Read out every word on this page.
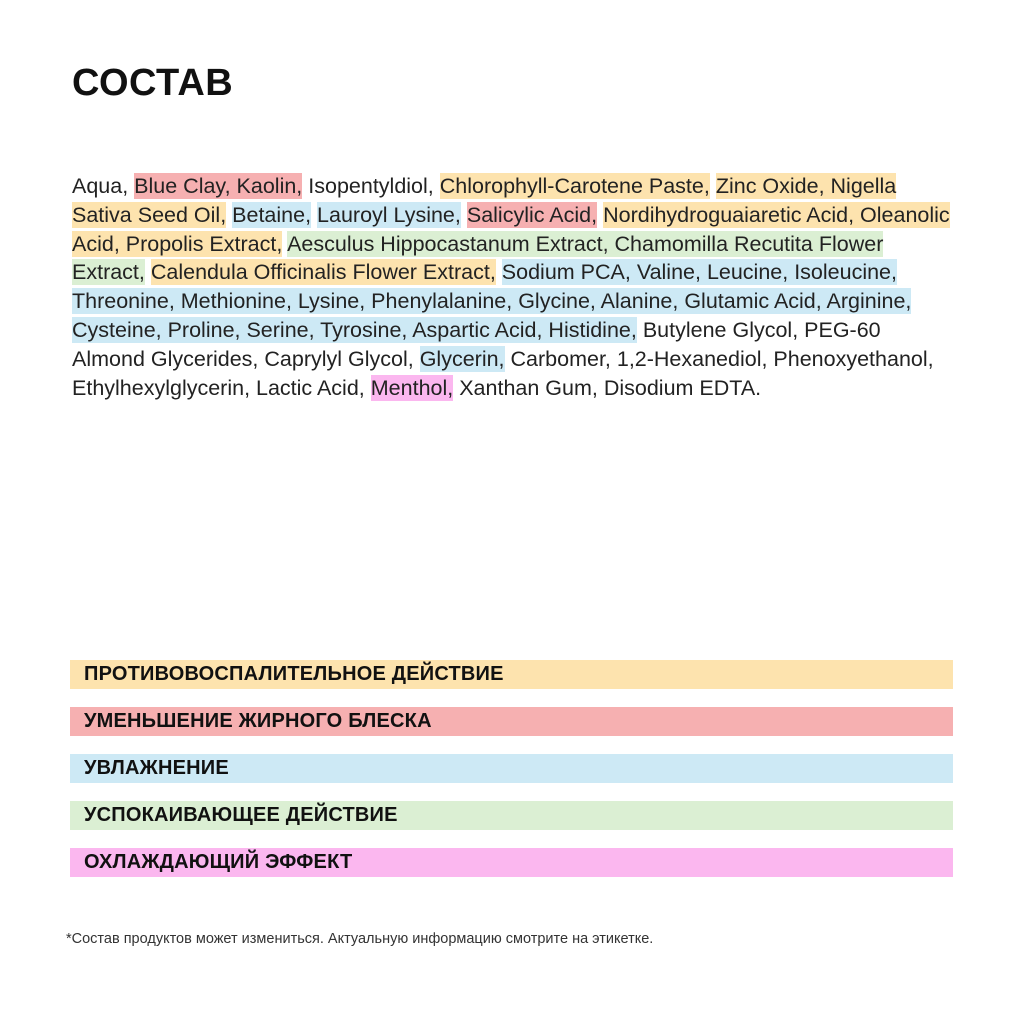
СОСТАВ
Aqua, Blue Clay, Kaolin, Isopentyldiol, Chlorophyll-Carotene Paste, Zinc Oxide, Nigella Sativa Seed Oil, Betaine, Lauroyl Lysine, Salicylic Acid, Nordihydroguaiaretic Acid, Oleanolic Acid, Propolis Extract, Aesculus Hippocastanum Extract, Chamomilla Recutita Flower Extract, Calendula Officinalis Flower Extract, Sodium PCA, Valine, Leucine, Isoleucine, Threonine, Methionine, Lysine, Phenylalanine, Glycine, Alanine, Glutamic Acid, Arginine, Cysteine, Proline, Serine, Tyrosine, Aspartic Acid, Histidine, Butylene Glycol, PEG-60 Almond Glycerides, Caprylyl Glycol, Glycerin, Carbomer, 1,2-Hexanediol, Phenoxyethanol, Ethylhexylglycerin, Lactic Acid, Menthol, Xanthan Gum, Disodium EDTA.
ПРОТИВОВОСПАЛИТЕЛЬНОЕ ДЕЙСТВИЕ
УМЕНЬШЕНИЕ ЖИРНОГО БЛЕСКА
УВЛАЖНЕНИЕ
УСПОКАИВАЮЩЕЕ ДЕЙСТВИЕ
ОХЛАЖДАЮЩИЙ ЭФФЕКТ
*Состав продуктов может измениться. Актуальную информацию смотрите на этикетке.
